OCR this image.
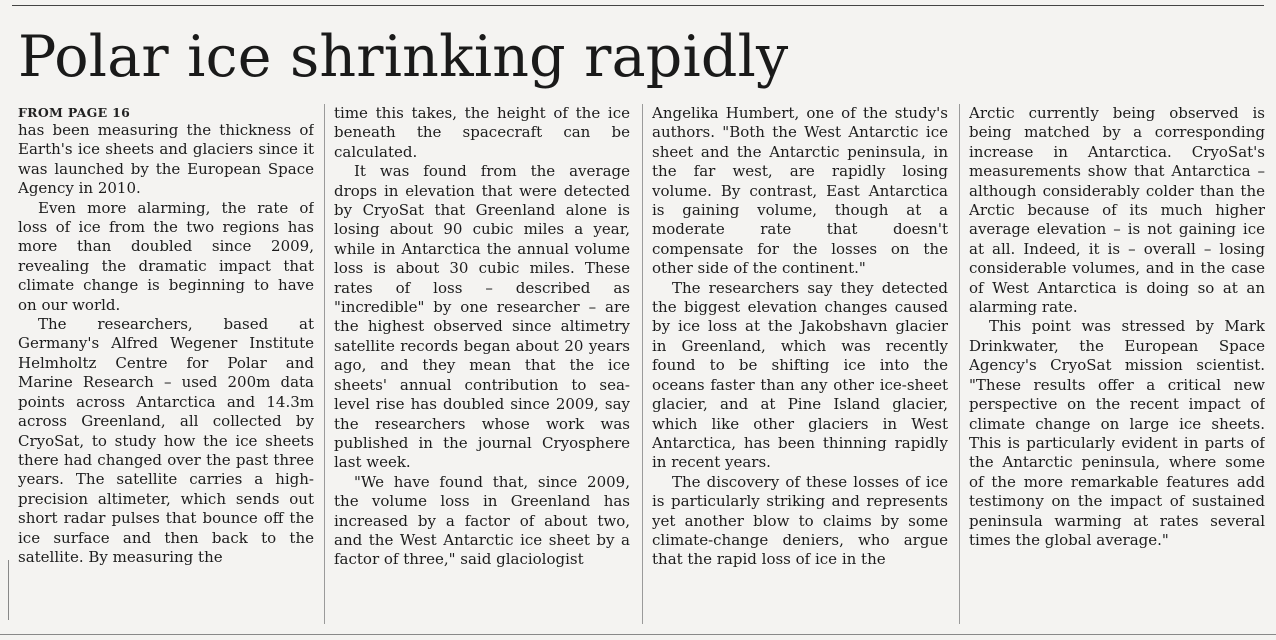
Polar ice shrinking rapidly

FROM PAGE 16

has been measuring the thickness of Earth's ice sheets and glaciers since it was launched by the European Space Agency in 2010.

Even more alarming, the rate of loss of ice from the two regions has more than doubled since 2009, revealing the dramatic impact that climate change is beginning to have on our world.

The researchers, based at Germany's Alfred Wegener Institute Helmholtz Centre for Polar and Marine Research – used 200m data points across Antarctica and 14.3m across Greenland, all collected by CryoSat, to study how the ice sheets there had changed over the past three years. The satellite carries a high-precision altimeter, which sends out short radar pulses that bounce off the ice surface and then back to the satellite. By measuring the

time this takes, the height of the ice beneath the spacecraft can be calculated.

It was found from the average drops in elevation that were detected by CryoSat that Greenland alone is losing about 90 cubic miles a year, while in Antarctica the annual volume loss is about 30 cubic miles. These rates of loss – described as "incredible" by one researcher – are the highest observed since altimetry satellite records began about 20 years ago, and they mean that the ice sheets' annual contribution to sea-level rise has doubled since 2009, say the researchers whose work was published in the journal Cryosphere last week.

"We have found that, since 2009, the volume loss in Greenland has increased by a factor of about two, and the West Antarctic ice sheet by a factor of three," said glaciologist

Angelika Humbert, one of the study's authors. "Both the West Antarctic ice sheet and the Antarctic peninsula, in the far west, are rapidly losing volume. By contrast, East Antarctica is gaining volume, though at a moderate rate that doesn't compensate for the losses on the other side of the continent."

The researchers say they detected the biggest elevation changes caused by ice loss at the Jakobshavn glacier in Greenland, which was recently found to be shifting ice into the oceans faster than any other ice-sheet glacier, and at Pine Island glacier, which like other glaciers in West Antarctica, has been thinning rapidly in recent years.

The discovery of these losses of ice is particularly striking and represents yet another blow to claims by some climate-change deniers, who argue that the rapid loss of ice in the

Arctic currently being observed is being matched by a corresponding increase in Antarctica. CryoSat's measurements show that Antarctica – although considerably colder than the Arctic because of its much higher average elevation – is not gaining ice at all. Indeed, it is – overall – losing considerable volumes, and in the case of West Antarctica is doing so at an alarming rate.

This point was stressed by Mark Drinkwater, the European Space Agency's CryoSat mission scientist. "These results offer a critical new perspective on the recent impact of climate change on large ice sheets. This is particularly evident in parts of the Antarctic peninsula, where some of the more remarkable features add testimony on the impact of sustained peninsula warming at rates several times the global average."
